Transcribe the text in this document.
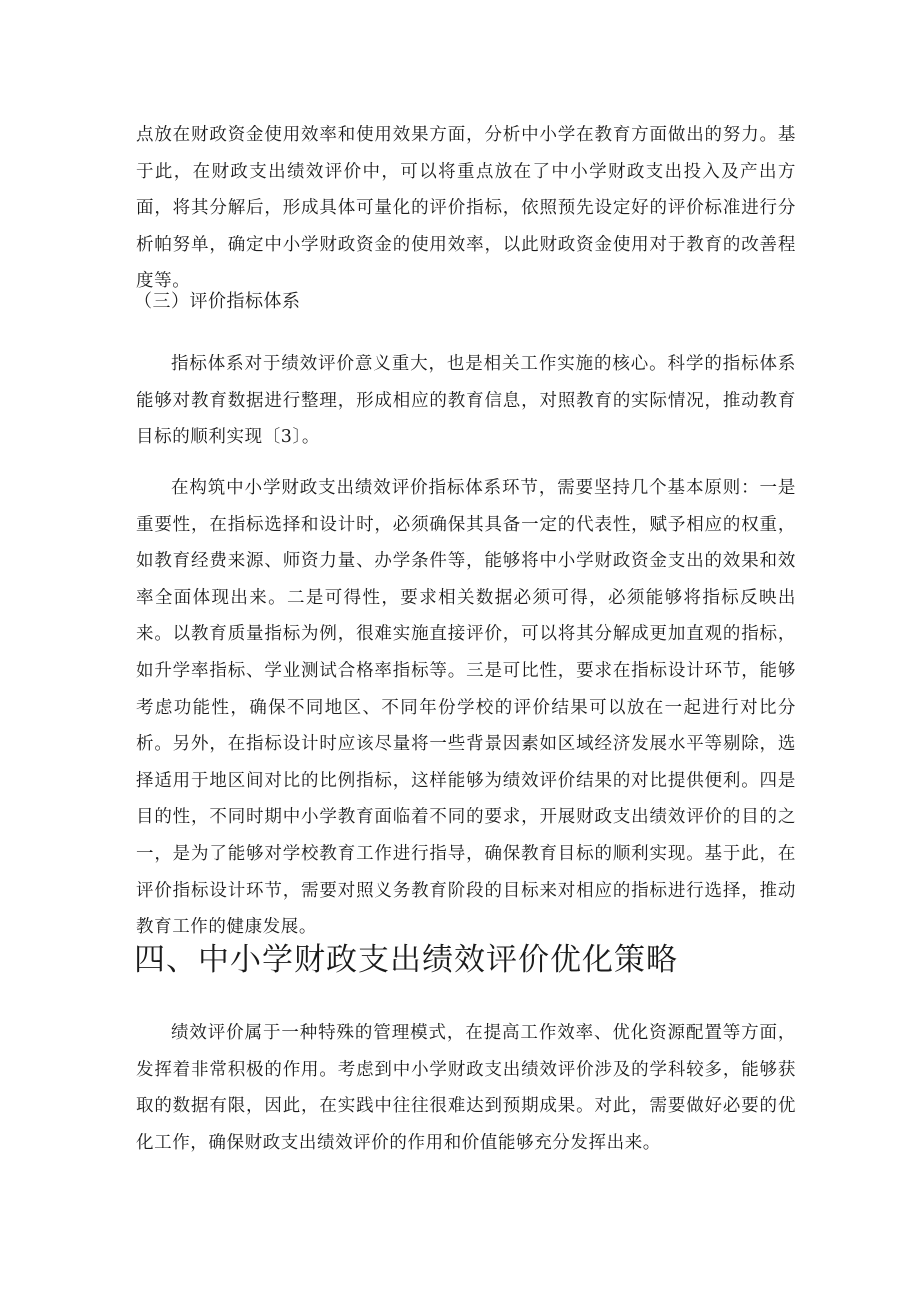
点放在财政资金使用效率和使用效果方面，分析中小学在教育方面做出的努力。基于此，在财政支出绩效评价中，可以将重点放在了中小学财政支出投入及产出方面，将其分解后，形成具体可量化的评价指标，依照预先设定好的评价标准进行分析帕努单，确定中小学财政资金的使用效率，以此财政资金使用对于教育的改善程度等。

（三）评价指标体系

指标体系对于绩效评价意义重大，也是相关工作实施的核心。科学的指标体系能够对教育数据进行整理，形成相应的教育信息，对照教育的实际情况，推动教育目标的顺利实现〔3〕。

在构筑中小学财政支出绩效评价指标体系环节，需要坚持几个基本原则：一是重要性，在指标选择和设计时，必须确保其具备一定的代表性，赋予相应的权重，如教育经费来源、师资力量、办学条件等，能够将中小学财政资金支出的效果和效率全面体现出来。二是可得性，要求相关数据必须可得，必须能够将指标反映出来。以教育质量指标为例，很难实施直接评价，可以将其分解成更加直观的指标，如升学率指标、学业测试合格率指标等。三是可比性，要求在指标设计环节，能够考虑功能性，确保不同地区、不同年份学校的评价结果可以放在一起进行对比分析。另外，在指标设计时应该尽量将一些背景因素如区域经济发展水平等剔除，选择适用于地区间对比的比例指标，这样能够为绩效评价结果的对比提供便利。四是目的性，不同时期中小学教育面临着不同的要求，开展财政支出绩效评价的目的之一，是为了能够对学校教育工作进行指导，确保教育目标的顺利实现。基于此，在评价指标设计环节，需要对照义务教育阶段的目标来对相应的指标进行选择，推动教育工作的健康发展。

四、中小学财政支出绩效评价优化策略

绩效评价属于一种特殊的管理模式，在提高工作效率、优化资源配置等方面，发挥着非常积极的作用。考虑到中小学财政支出绩效评价涉及的学科较多，能够获取的数据有限，因此，在实践中往往很难达到预期成果。对此，需要做好必要的优化工作，确保财政支出绩效评价的作用和价值能够充分发挥出来。
